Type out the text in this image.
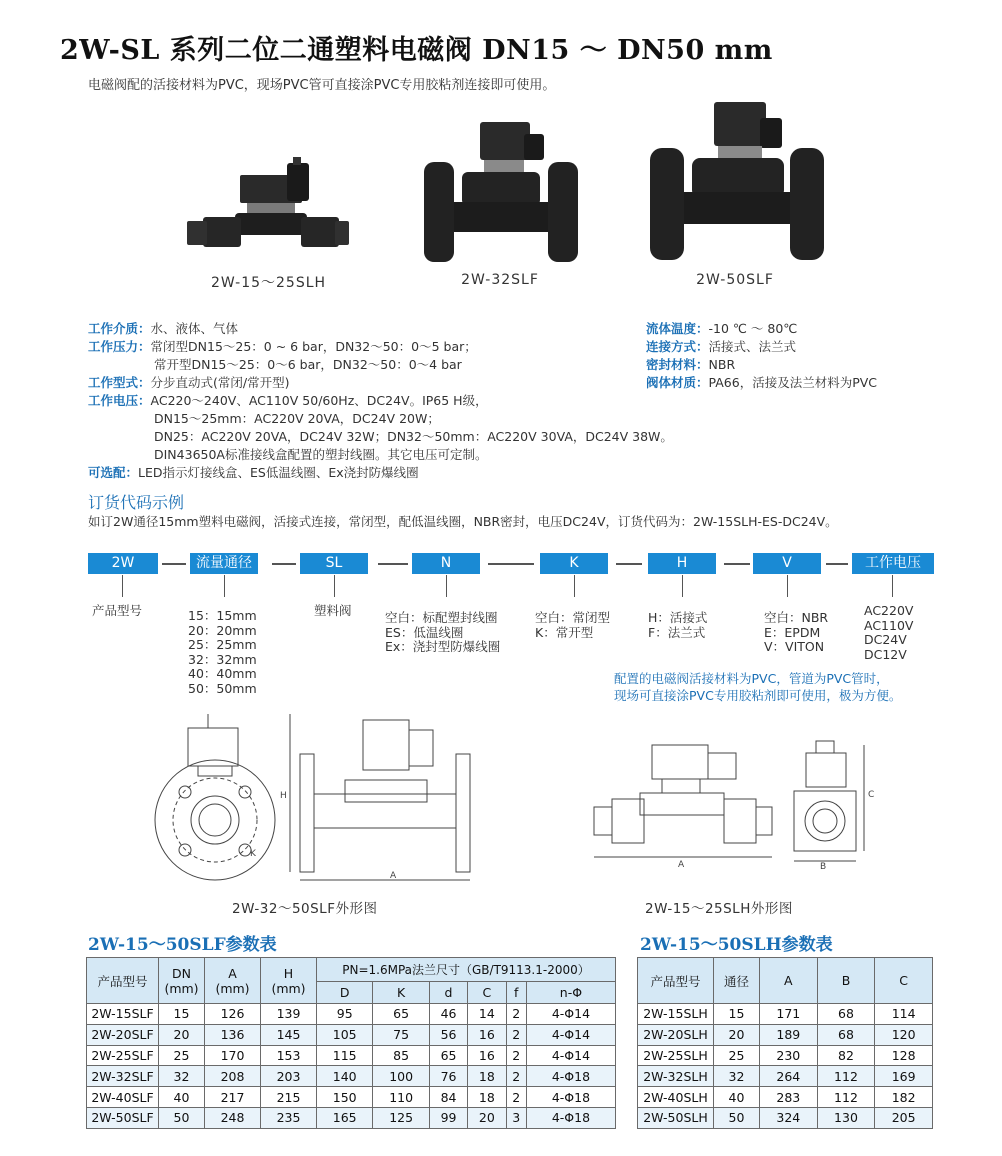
2W-SL 系列二位二通塑料电磁阀 DN15 ～ DN50 mm
电磁阀配的活接材料为PVC，现场PVC管可直接涂PVC专用胶粘剂连接即可使用。
2W-15～25SLH	2W-32SLF	2W-50SLF
工作介质：水、液体、气体
工作压力：常闭型DN15～25：0 ~ 6 bar，DN32～50：0～5 bar；
常开型DN15～25：0～6 bar，DN32～50：0～4 bar
工作型式：分步直动式(常闭/常开型)
工作电压：AC220～240V、AC110V 50/60Hz、DC24V。IP65 H级，
DN15～25mm：AC220V 20VA，DC24V 20W；
DN25：AC220V 20VA，DC24V 32W；DN32～50mm：AC220V 30VA，DC24V 38W。
DIN43650A标准接线盒配置的塑封线圈。其它电压可定制。
可选配：LED指示灯接线盒、ES低温线圈、Ex浇封防爆线圈
流体温度：-10 ℃ ～ 80℃
连接方式：活接式、法兰式
密封材料：NBR
阀体材质：PA66，活接及法兰材料为PVC
订货代码示例
如订2W通径15mm塑料电磁阀，活接式连接，常闭型，配低温线圈，NBR密封，电压DC24V，订货代码为：2W-15SLH-ES-DC24V。
2W	流量通径	SL	N	K	H	V	工作电压
产品型号	15：15mm
20：20mm
25：25mm
32：32mm
40：40mm
50：50mm
塑料阀	空白：标配塑封线圈
ES：低温线圈
Ex：浇封型防爆线圈
空白：常闭型
K：常开型
H：活接式
F：法兰式
空白：NBR
E：EPDM
V：VITON
AC220V
AC110V
DC24V
DC12V
配置的电磁阀活接材料为PVC，管道为PVC管时，
现场可直接涂PVC专用胶粘剂即可使用，极为方便。
H
A
K
2W-32～50SLF外形图
A
C
B
2W-15～25SLH外形图
2W-15～50SLF参数表
产品型号	DN
(mm)	A
(mm)	H
(mm)	PN=1.6MPa法兰尺寸（GB/T9113.1-2000）					
				D	K	d	C	f	n-Φ
2W-15SLF	15	126	139	95	65	46	14	2	4-Φ14
2W-20SLF	20	136	145	105	75	56	16	2	4-Φ14
2W-25SLF	25	170	153	115	85	65	16	2	4-Φ14
2W-32SLF	32	208	203	140	100	76	18	2	4-Φ18
2W-40SLF	40	217	215	150	110	84	18	2	4-Φ18
2W-50SLF	50	248	235	165	125	99	20	3	4-Φ18
2W-15～50SLH参数表
产品型号	通径	A	B	C
2W-15SLH	15	171	68	114
2W-20SLH	20	189	68	120
2W-25SLH	25	230	82	128
2W-32SLH	32	264	112	169
2W-40SLH	40	283	112	182
2W-50SLH	50	324	130	205
